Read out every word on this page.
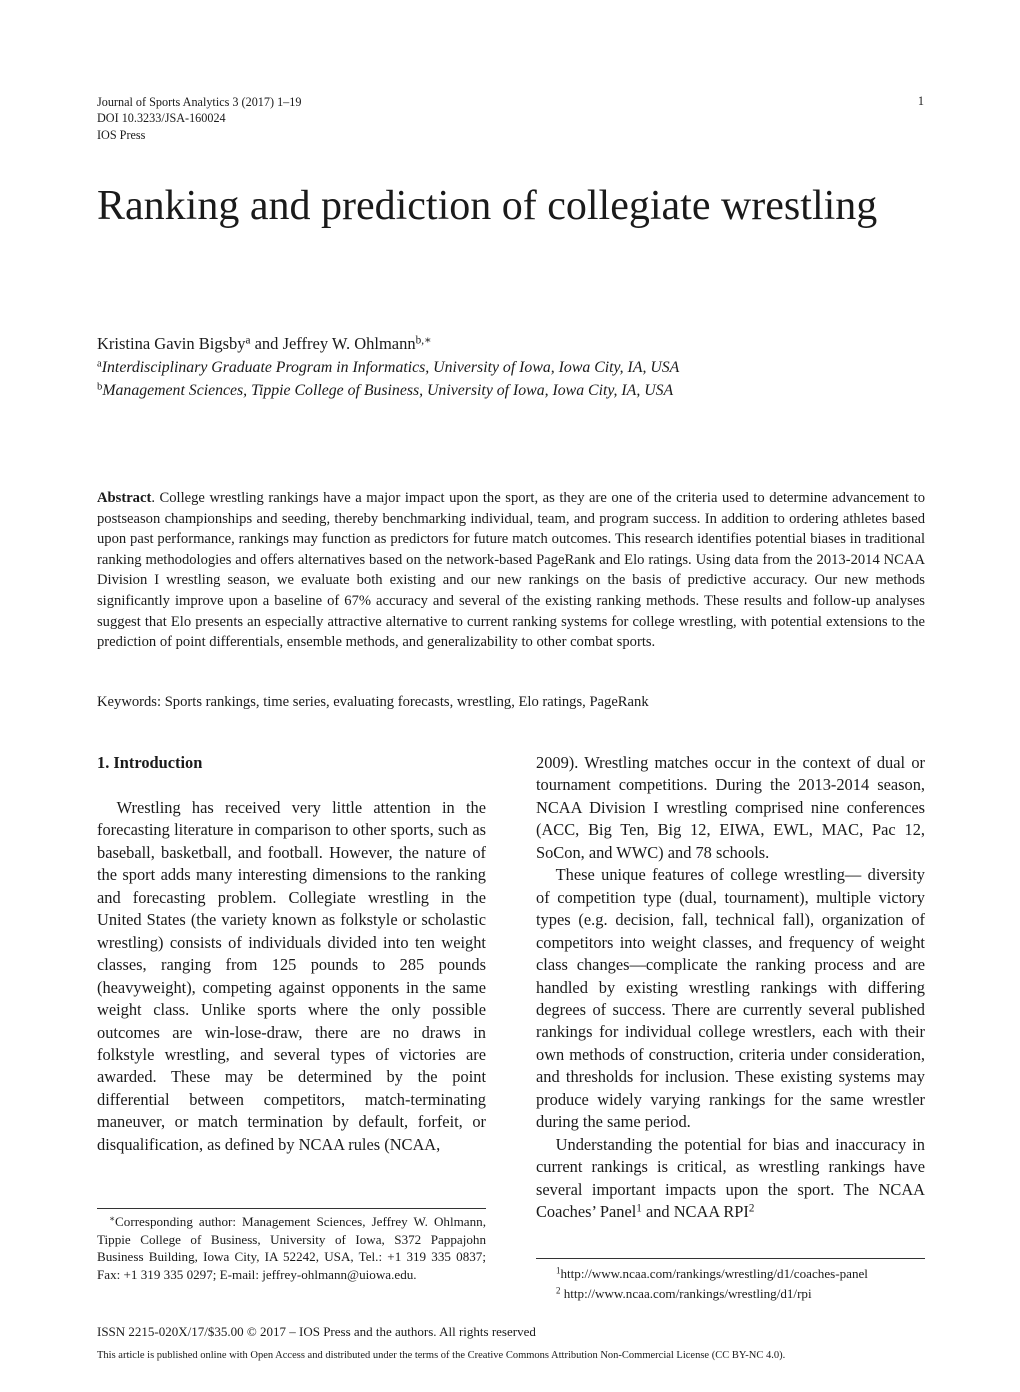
Journal of Sports Analytics 3 (2017) 1–19
DOI 10.3233/JSA-160024
IOS Press
1
Ranking and prediction of collegiate wrestling
Kristina Gavin Bigsby$^a$ and Jeffrey W. Ohlmann$^{b,∗}$
$^a$Interdisciplinary Graduate Program in Informatics, University of Iowa, Iowa City, IA, USA
$^b$Management Sciences, Tippie College of Business, University of Iowa, Iowa City, IA, USA
Abstract. College wrestling rankings have a major impact upon the sport, as they are one of the criteria used to determine advancement to postseason championships and seeding, thereby benchmarking individual, team, and program success. In addition to ordering athletes based upon past performance, rankings may function as predictors for future match outcomes. This research identifies potential biases in traditional ranking methodologies and offers alternatives based on the network-based PageRank and Elo ratings. Using data from the 2013-2014 NCAA Division I wrestling season, we evaluate both existing and our new rankings on the basis of predictive accuracy. Our new methods significantly improve upon a baseline of 67% accuracy and several of the existing ranking methods. These results and follow-up analyses suggest that Elo presents an especially attractive alternative to current ranking systems for college wrestling, with potential extensions to the prediction of point differentials, ensemble methods, and generalizability to other combat sports.
Keywords: Sports rankings, time series, evaluating forecasts, wrestling, Elo ratings, PageRank
1. Introduction

Wrestling has received very little attention in the forecasting literature in comparison to other sports, such as baseball, basketball, and football. However, the nature of the sport adds many interesting dimensions to the ranking and forecasting problem. Collegiate wrestling in the United States (the variety known as folkstyle or scholastic wrestling) consists of individuals divided into ten weight classes, ranging from 125 pounds to 285 pounds (heavyweight), competing against opponents in the same weight class. Unlike sports where the only possible outcomes are win-lose-draw, there are no draws in folkstyle wrestling, and several types of victories are awarded. These may be determined by the point differential between competitors, match-terminating maneuver, or match termination by default, forfeit, or disqualification, as defined by NCAA rules (NCAA,

2009). Wrestling matches occur in the context of dual or tournament competitions. During the 2013-2014 season, NCAA Division I wrestling comprised nine conferences (ACC, Big Ten, Big 12, EIWA, EWL, MAC, Pac 12, SoCon, and WWC) and 78 schools.

These unique features of college wrestling— diversity of competition type (dual, tournament), multiple victory types (e.g. decision, fall, technical fall), organization of competitors into weight classes, and frequency of weight class changes—complicate the ranking process and are handled by existing wrestling rankings with differing degrees of success. There are currently several published rankings for individual college wrestlers, each with their own methods of construction, criteria under consideration, and thresholds for inclusion. These existing systems may produce widely varying rankings for the same wrestler during the same period.

Understanding the potential for bias and inaccuracy in current rankings is critical, as wrestling rankings have several important impacts upon the sport. The NCAA Coaches’ Panel$^1$ and NCAA RPI$^2$

∗Corresponding author: Management Sciences, Jeffrey W. Ohlmann, Tippie College of Business, University of Iowa, S372 Pappajohn Business Building, Iowa City, IA 52242, USA, Tel.: +1 319 335 0837; Fax: +1 319 335 0297; E-mail: jeffrey-ohlmann@uiowa.edu.	$^1$http://www.ncaa.com/rankings/wrestling/d1/coaches-panel
$^2$ http://www.ncaa.com/rankings/wrestling/d1/rpi
ISSN 2215-020X/17/$35.00 © 2017 – IOS Press and the authors. All rights reserved
This article is published online with Open Access and distributed under the terms of the Creative Commons Attribution Non-Commercial License (CC BY-NC 4.0).
